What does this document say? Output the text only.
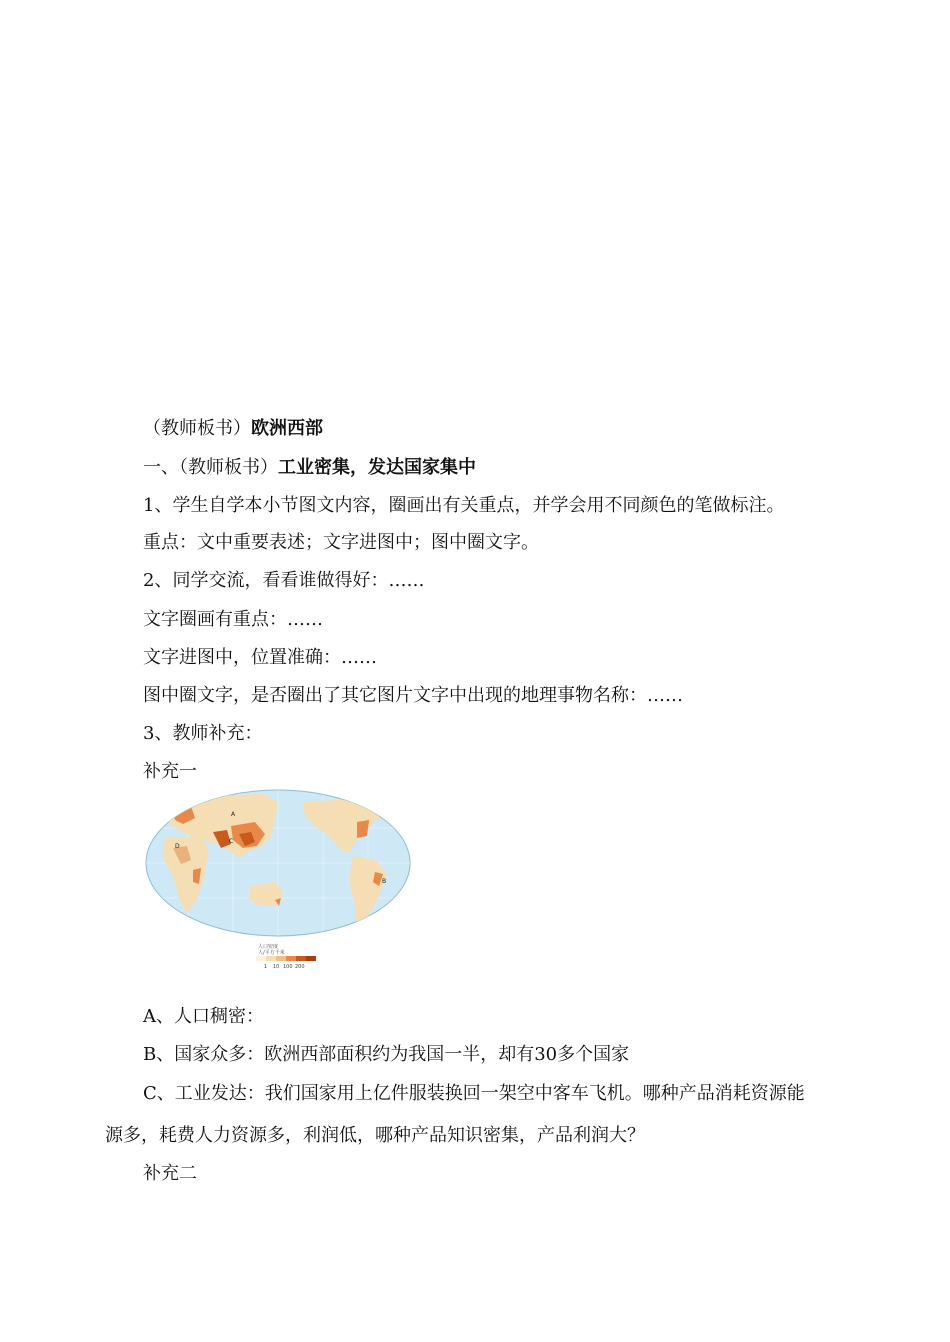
（教师板书）欧洲西部
一、（教师板书）工业密集，发达国家集中
1、学生自学本小节图文内容，圈画出有关重点，并学会用不同颜色的笔做标注。
重点：文中重要表述；文字进图中；图中圈文字。
2、同学交流，看看谁做得好：……
文字圈画有重点：……
文字进图中，位置准确：……
图中圈文字，是否圈出了其它图片文字中出现的地理事物名称：……
3、教师补充：
补充一
A
B
C
D
人口密度 人/平方千米
1 10 100 200
A、人口稠密：
B、国家众多：欧洲西部面积约为我国一半，却有30多个国家
C、工业发达：我们国家用上亿件服装换回一架空中客车飞机。哪种产品消耗资源能
源多，耗费人力资源多，利润低，哪种产品知识密集，产品利润大？
补充二
